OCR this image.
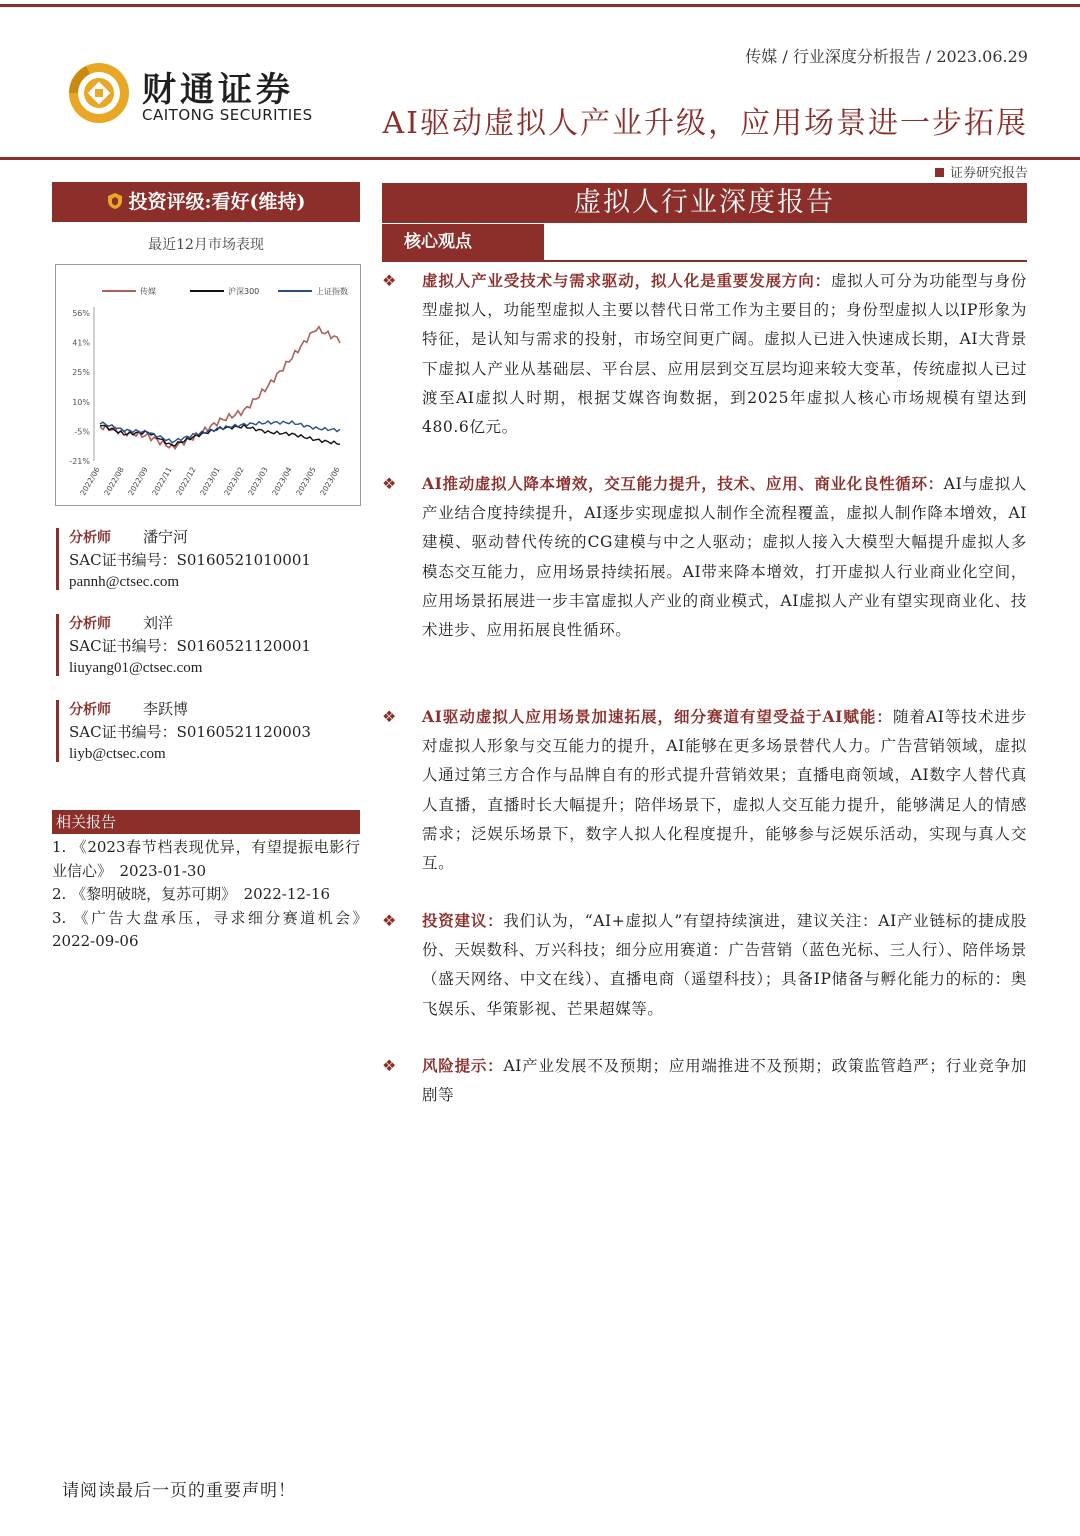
财通证券
CAITONG SECURITIES
传媒 / 行业深度分析报告 / 2023.06.29
AI驱动虚拟人产业升级，应用场景进一步拓展
证券研究报告
投资评级:看好(维持)
最近12月市场表现
传媒	沪深300	上证指数
56%
41%
25%
10%
-5%
-21%
2022/06 2022/08 2022/09 2022/11 2022/12 2023/01 2023/02 2023/03 2023/04 2023/05 2023/06
分析师 潘宁河
SAC证书编号：S0160521010001
pannh@ctsec.com
分析师 刘洋
SAC证书编号：S0160521120001
liuyang01@ctsec.com
分析师 李跃博
SAC证书编号：S0160521120003
liyb@ctsec.com
相关报告

1. 《2023春节档表现优异，有望提振电影行业信心》　2023-01-30

2. 《黎明破晓，复苏可期》　2022-12-16

3. 《广告大盘承压，寻求细分赛道机会》　2022-09-06

虚拟人行业深度报告
核心观点
❖	虚拟人产业受技术与需求驱动，拟人化是重要发展方向：虚拟人可分为功能型与身份型虚拟人，功能型虚拟人主要以替代日常工作为主要目的；身份型虚拟人以IP形象为特征，是认知与需求的投射，市场空间更广阔。虚拟人已进入快速成长期，AI大背景下虚拟人产业从基础层、平台层、应用层到交互层均迎来较大变革，传统虚拟人已过渡至AI虚拟人时期，根据艾媒咨询数据，到2025年虚拟人核心市场规模有望达到480.6亿元。
❖	AI推动虚拟人降本增效，交互能力提升，技术、应用、商业化良性循环：AI与虚拟人产业结合度持续提升，AI逐步实现虚拟人制作全流程覆盖，虚拟人制作降本增效，AI建模、驱动替代传统的CG建模与中之人驱动；虚拟人接入大模型大幅提升虚拟人多模态交互能力，应用场景持续拓展。AI带来降本增效，打开虚拟人行业商业化空间，应用场景拓展进一步丰富虚拟人产业的商业模式，AI虚拟人产业有望实现商业化、技术进步、应用拓展良性循环。
❖	AI驱动虚拟人应用场景加速拓展，细分赛道有望受益于AI赋能：随着AI等技术进步对虚拟人形象与交互能力的提升，AI能够在更多场景替代人力。广告营销领域，虚拟人通过第三方合作与品牌自有的形式提升营销效果；直播电商领域，AI数字人替代真人直播，直播时长大幅提升；陪伴场景下，虚拟人交互能力提升，能够满足人的情感需求；泛娱乐场景下，数字人拟人化程度提升，能够参与泛娱乐活动，实现与真人交互。
❖	投资建议：我们认为，“AI+虚拟人”有望持续演进，建议关注：AI产业链标的捷成股份、天娱数科、万兴科技；细分应用赛道：广告营销（蓝色光标、三人行）、陪伴场景（盛天网络、中文在线）、直播电商（遥望科技）；具备IP储备与孵化能力的标的：奥飞娱乐、华策影视、芒果超媒等。
❖	风险提示：AI产业发展不及预期；应用端推进不及预期；政策监管趋严；行业竞争加剧等
请阅读最后一页的重要声明！
